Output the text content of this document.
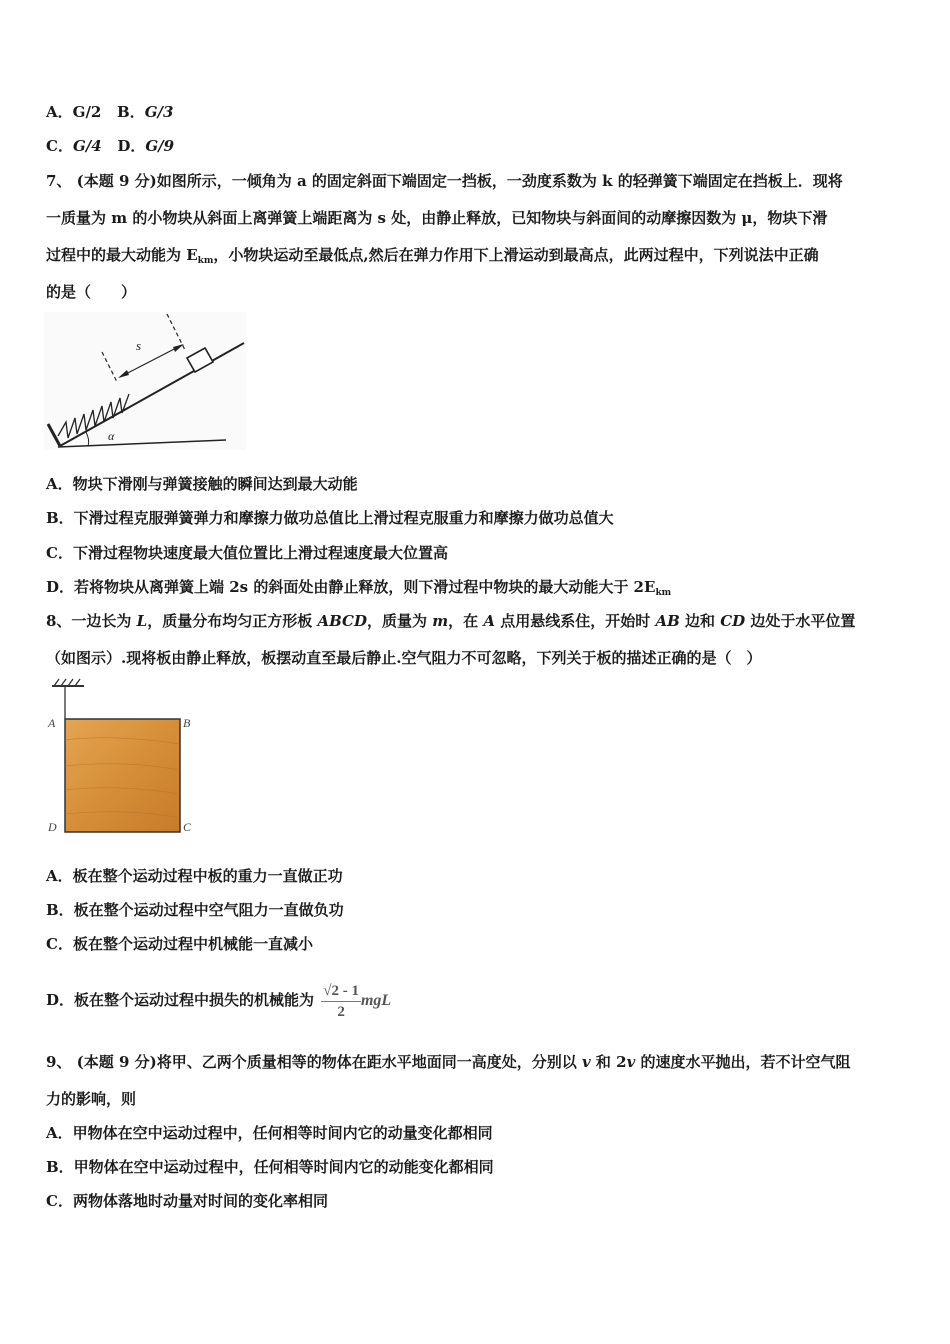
A．G/2 B．G/3
C．G/4 D．G/9
7、 (本题 9 分)如图所示，一倾角为 a 的固定斜面下端固定一挡板，一劲度系数为 k 的轻弹簧下端固定在挡板上．现将
一质量为 m 的小物块从斜面上离弹簧上端距离为 s 处，由静止释放，已知物块与斜面间的动摩擦因数为 μ，物块下滑
过程中的最大动能为 $E_{km}$，小物块运动至最低点,然后在弹力作用下上滑运动到最高点，此两过程中，下列说法中正确
的是（　　）
s
α
A．物块下滑刚与弹簧接触的瞬间达到最大动能
B．下滑过程克服弹簧弹力和摩擦力做功总值比上滑过程克服重力和摩擦力做功总值大
C．下滑过程物块速度最大值位置比上滑过程速度最大位置高
D．若将物块从离弹簧上端 2s 的斜面处由静止释放，则下滑过程中物块的最大动能大于 $2E_{km}$
8、一边长为 L，质量分布均匀正方形板 ABCD，质量为 m，在 A 点用悬线系住，开始时 AB 边和 CD 边处于水平位置
（如图示）.现将板由静止释放，板摆动直至最后静止.空气阻力不可忽略，下列关于板的描述正确的是（　）
A	B
C
D
A．板在整个运动过程中板的重力一直做正功
B．板在整个运动过程中空气阻力一直做负功
C．板在整个运动过程中机械能一直减小
D．板在整个运动过程中损失的机械能为 $\frac{√2 - 1}{2}$ mgL
9、 (本题 9 分)将甲、乙两个质量相等的物体在距水平地面同一高度处，分别以 v 和 2v 的速度水平抛出，若不计空气阻
力的影响，则
A．甲物体在空中运动过程中，任何相等时间内它的动量变化都相同
B．甲物体在空中运动过程中，任何相等时间内它的动能变化都相同
C．两物体落地时动量对时间的变化率相同
